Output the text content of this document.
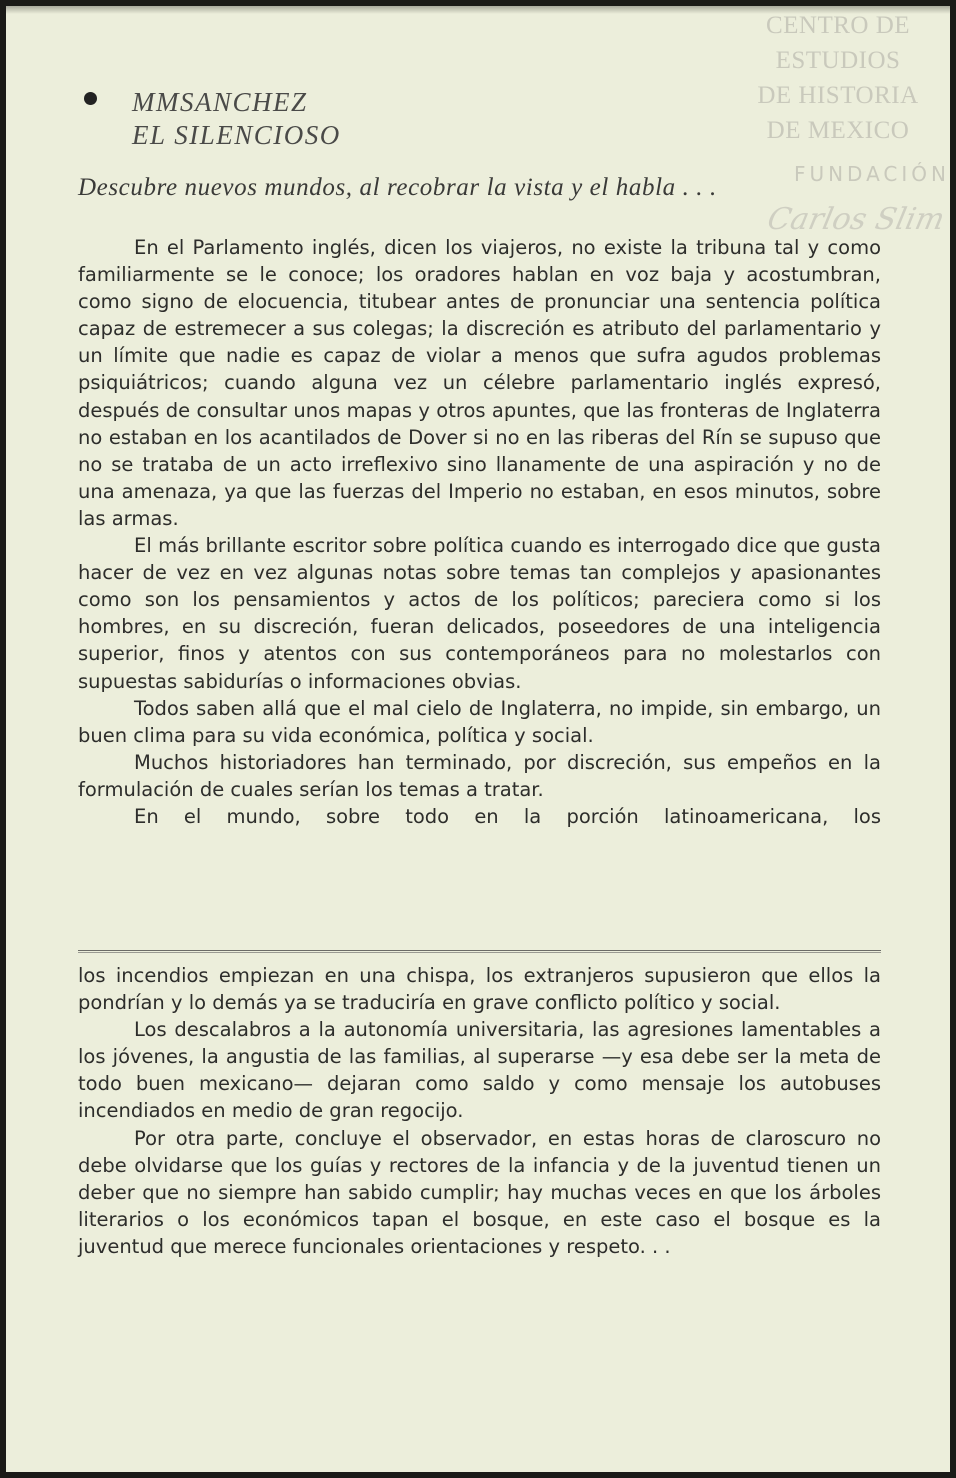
CENTRO DE
ESTUDIOS
DE HISTORIA
DE MEXICO
FUNDACIÓN
Carlos Slim
MMSANCHEZ
EL SILENCIOSO
Descubre nuevos mundos, al recobrar la vista y el habla . . .

En el Parlamento inglés, dicen los viajeros, no existe la tribuna tal y como familiarmente se le conoce; los oradores hablan en voz baja y acostumbran, como signo de elocuencia, titubear antes de pronunciar una sentencia política capaz de estremecer a sus colegas; la discreción es atributo del parlamentario y un límite que nadie es capaz de violar a menos que sufra agudos problemas psiquiátricos; cuando alguna vez un célebre parlamentario inglés expresó, después de consultar unos mapas y otros apuntes, que las fronteras de Inglaterra no estaban en los acantilados de Dover si no en las riberas del Rín se supuso que no se trataba de un acto irreflexivo sino llanamente de una aspiración y no de una amenaza, ya que las fuerzas del Imperio no estaban, en esos minutos, sobre las armas.

El más brillante escritor sobre política cuando es interrogado dice que gusta hacer de vez en vez algunas notas sobre temas tan complejos y apasionantes como son los pensamientos y actos de los políticos; pareciera como si los hombres, en su discreción, fueran delicados, poseedores de una inteligencia superior, finos y atentos con sus contemporáneos para no molestarlos con supuestas sabidurías o informaciones obvias.

Todos saben allá que el mal cielo de Inglaterra, no impide, sin embargo, un buen clima para su vida económica, política y social.

Muchos historiadores han terminado, por discreción, sus empeños en la formulación de cuales serían los temas a tratar.

En el mundo, sobre todo en la porción latinoamericana, los

los incendios empiezan en una chispa, los extranjeros supusieron que ellos la pondrían y lo demás ya se traduciría en grave conflicto político y social.

Los descalabros a la autonomía universitaria, las agresiones lamentables a los jóvenes, la angustia de las familias, al superarse —y esa debe ser la meta de todo buen mexicano— dejaran como saldo y como mensaje los autobuses incendiados en medio de gran regocijo.

Por otra parte, concluye el observador, en estas horas de claroscuro no debe olvidarse que los guías y rectores de la infancia y de la juventud tienen un deber que no siempre han sabido cumplir; hay muchas veces en que los árboles literarios o los económicos tapan el bosque, en este caso el bosque es la juventud que merece funcionales orientaciones y respeto. . .
